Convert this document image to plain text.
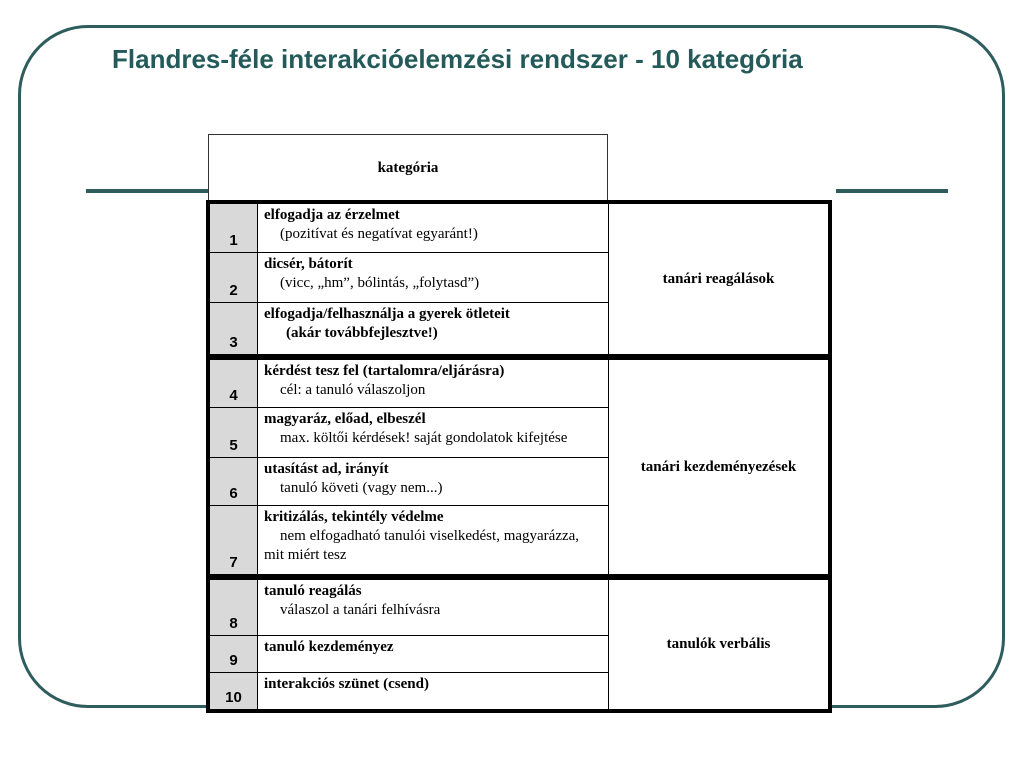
Flandres-féle interakcióelemzési rendszer - 10 kategória
kategória
1
elfogadja az érzelmet
(pozitívat és negatívat egyaránt!)
2
dicsér, bátorít
(vicc, „hm”, bólintás, „folytasd”)
3
elfogadja/felhasználja a gyerek ötleteit
(akár továbbfejlesztve!)
tanári reagálások
4
kérdést tesz fel (tartalomra/eljárásra)
cél: a tanuló válaszoljon
5
magyaráz, előad, elbeszél
max. költői kérdések! saját gondolatok kifejtése
6
utasítást ad, irányít
tanuló követi (vagy nem...)
7
kritizálás, tekintély védelme
nem elfogadható tanulói viselkedést, magyarázza, mit miért tesz
tanári kezdeményezések
8
tanuló reagálás
válaszol a tanári felhívásra
9
tanuló kezdeményez
10
interakciós szünet (csend)
tanulók verbális
